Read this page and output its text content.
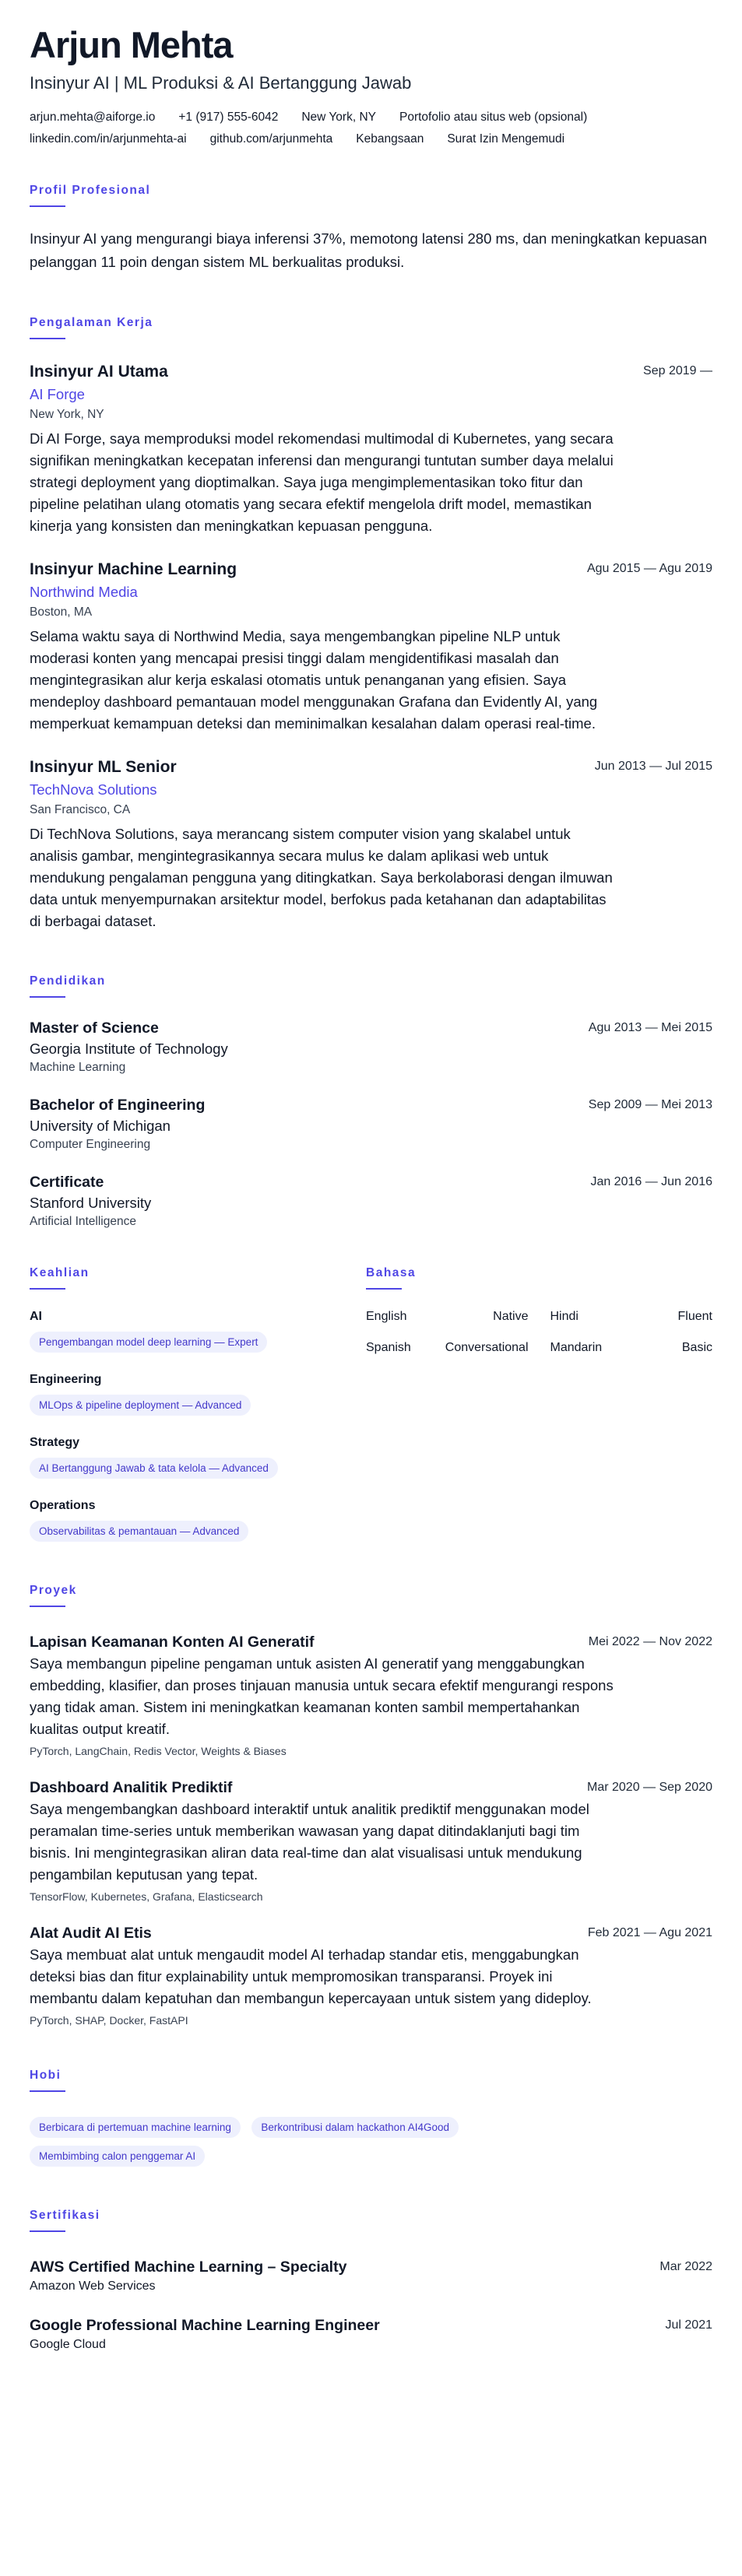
Arjun Mehta
Insinyur AI | ML Produksi & AI Bertanggung Jawab
arjun.mehta@aiforge.io +1 (917) 555-6042 New York, NY Portofolio atau situs web (opsional)
linkedin.com/in/arjunmehta-ai github.com/arjunmehta Kebangsaan Surat Izin Mengemudi
Profil Profesional
Insinyur AI yang mengurangi biaya inferensi 37%, memotong latensi 280 ms, dan meningkatkan kepuasan pelanggan 11 poin dengan sistem ML berkualitas produksi.
Pengalaman Kerja
Insinyur AI Utama	Sep 2019 —
AI Forge
New York, NY
Di AI Forge, saya memproduksi model rekomendasi multimodal di Kubernetes, yang secara signifikan meningkatkan kecepatan inferensi dan mengurangi tuntutan sumber daya melalui strategi deployment yang dioptimalkan. Saya juga mengimplementasikan toko fitur dan pipeline pelatihan ulang otomatis yang secara efektif mengelola drift model, memastikan kinerja yang konsisten dan meningkatkan kepuasan pengguna.
Insinyur Machine Learning	Agu 2015 — Agu 2019
Northwind Media
Boston, MA
Selama waktu saya di Northwind Media, saya mengembangkan pipeline NLP untuk moderasi konten yang mencapai presisi tinggi dalam mengidentifikasi masalah dan mengintegrasikan alur kerja eskalasi otomatis untuk penanganan yang efisien. Saya mendeploy dashboard pemantauan model menggunakan Grafana dan Evidently AI, yang memperkuat kemampuan deteksi dan meminimalkan kesalahan dalam operasi real-time.
Insinyur ML Senior	Jun 2013 — Jul 2015
TechNova Solutions
San Francisco, CA
Di TechNova Solutions, saya merancang sistem computer vision yang skalabel untuk analisis gambar, mengintegrasikannya secara mulus ke dalam aplikasi web untuk mendukung pengalaman pengguna yang ditingkatkan. Saya berkolaborasi dengan ilmuwan data untuk menyempurnakan arsitektur model, berfokus pada ketahanan dan adaptabilitas di berbagai dataset.
Pendidikan
Master of Science	Agu 2013 — Mei 2015
Georgia Institute of Technology
Machine Learning
Bachelor of Engineering	Sep 2009 — Mei 2013
University of Michigan
Computer Engineering
Certificate	Jan 2016 — Jun 2016
Stanford University
Artificial Intelligence
Keahlian
AI
Pengembangan model deep learning — Expert
Engineering
MLOps & pipeline deployment — Advanced
Strategy
AI Bertanggung Jawab & tata kelola — Advanced
Operations
Observabilitas & pemantauan — Advanced
Bahasa
English	Native Hindi	Fluent
Spanish	Conversational Mandarin	Basic
Proyek
Lapisan Keamanan Konten AI Generatif	Mei 2022 — Nov 2022
Saya membangun pipeline pengaman untuk asisten AI generatif yang menggabungkan embedding, klasifier, dan proses tinjauan manusia untuk secara efektif mengurangi respons yang tidak aman. Sistem ini meningkatkan keamanan konten sambil mempertahankan kualitas output kreatif.
PyTorch, LangChain, Redis Vector, Weights & Biases
Dashboard Analitik Prediktif	Mar 2020 — Sep 2020
Saya mengembangkan dashboard interaktif untuk analitik prediktif menggunakan model peramalan time-series untuk memberikan wawasan yang dapat ditindaklanjuti bagi tim bisnis. Ini mengintegrasikan aliran data real-time dan alat visualisasi untuk mendukung pengambilan keputusan yang tepat.
TensorFlow, Kubernetes, Grafana, Elasticsearch
Alat Audit AI Etis	Feb 2021 — Agu 2021
Saya membuat alat untuk mengaudit model AI terhadap standar etis, menggabungkan deteksi bias dan fitur explainability untuk mempromosikan transparansi. Proyek ini membantu dalam kepatuhan dan membangun kepercayaan untuk sistem yang dideploy.
PyTorch, SHAP, Docker, FastAPI
Hobi
Berbicara di pertemuan machine learning	Berkontribusi dalam hackathon AI4Good Membimbing calon penggemar AI
Sertifikasi
AWS Certified Machine Learning – Specialty	Mar 2022
Amazon Web Services
Google Professional Machine Learning Engineer	Jul 2021
Google Cloud
